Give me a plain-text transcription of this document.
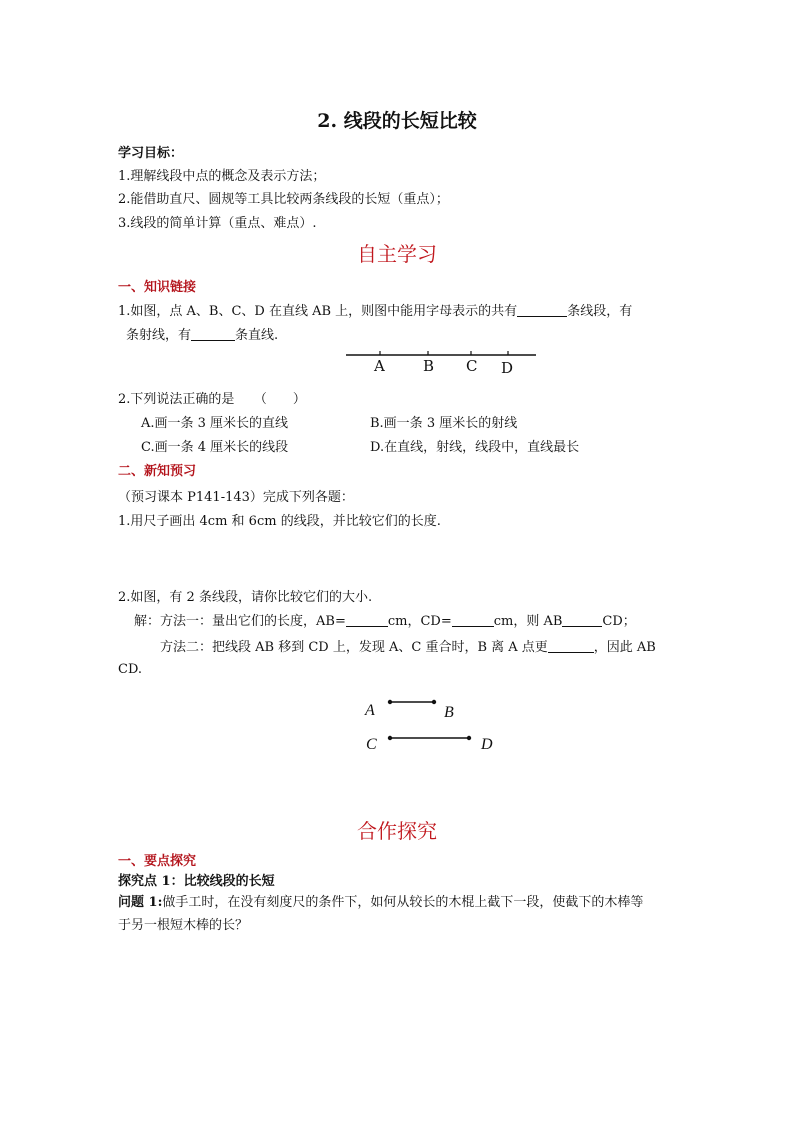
2. 线段的长短比较
学习目标：
1.理解线段中点的概念及表示方法；
2.能借助直尺、圆规等工具比较两条线段的长短（重点）；
3.线段的简单计算（重点、难点）.
自主学习
一、知识链接
1.如图，点 A、B、C、D 在直线 AB 上，则图中能用字母表示的共有	条线段，有
条射线，有	条直线.
A	B C D
2.下列说法正确的是　　（　　）
A.画一条 3 厘米长的直线	B.画一条 3 厘米长的射线
C.画一条 4 厘米长的线段	D.在直线，射线，线段中，直线最长
二、新知预习
（预习课本 P141-143）完成下列各题：
1.用尺子画出 4cm 和 6cm 的线段，并比较它们的长度.
2.如图，有 2 条线段，请你比较它们的大小.
解：方法一：量出它们的长度，AB=	cm，CD=	cm，则 AB	CD；
方法二：把线段 AB 移到 CD 上，发现 A、C 重合时，B 离 A 点更	，因此 AB
CD.
A	B
C	D
合作探究
一、要点探究
探究点 1：比较线段的长短
问题 1:做手工时，在没有刻度尺的条件下，如何从较长的木棍上截下一段，使截下的木棒等
于另一根短木棒的长？
